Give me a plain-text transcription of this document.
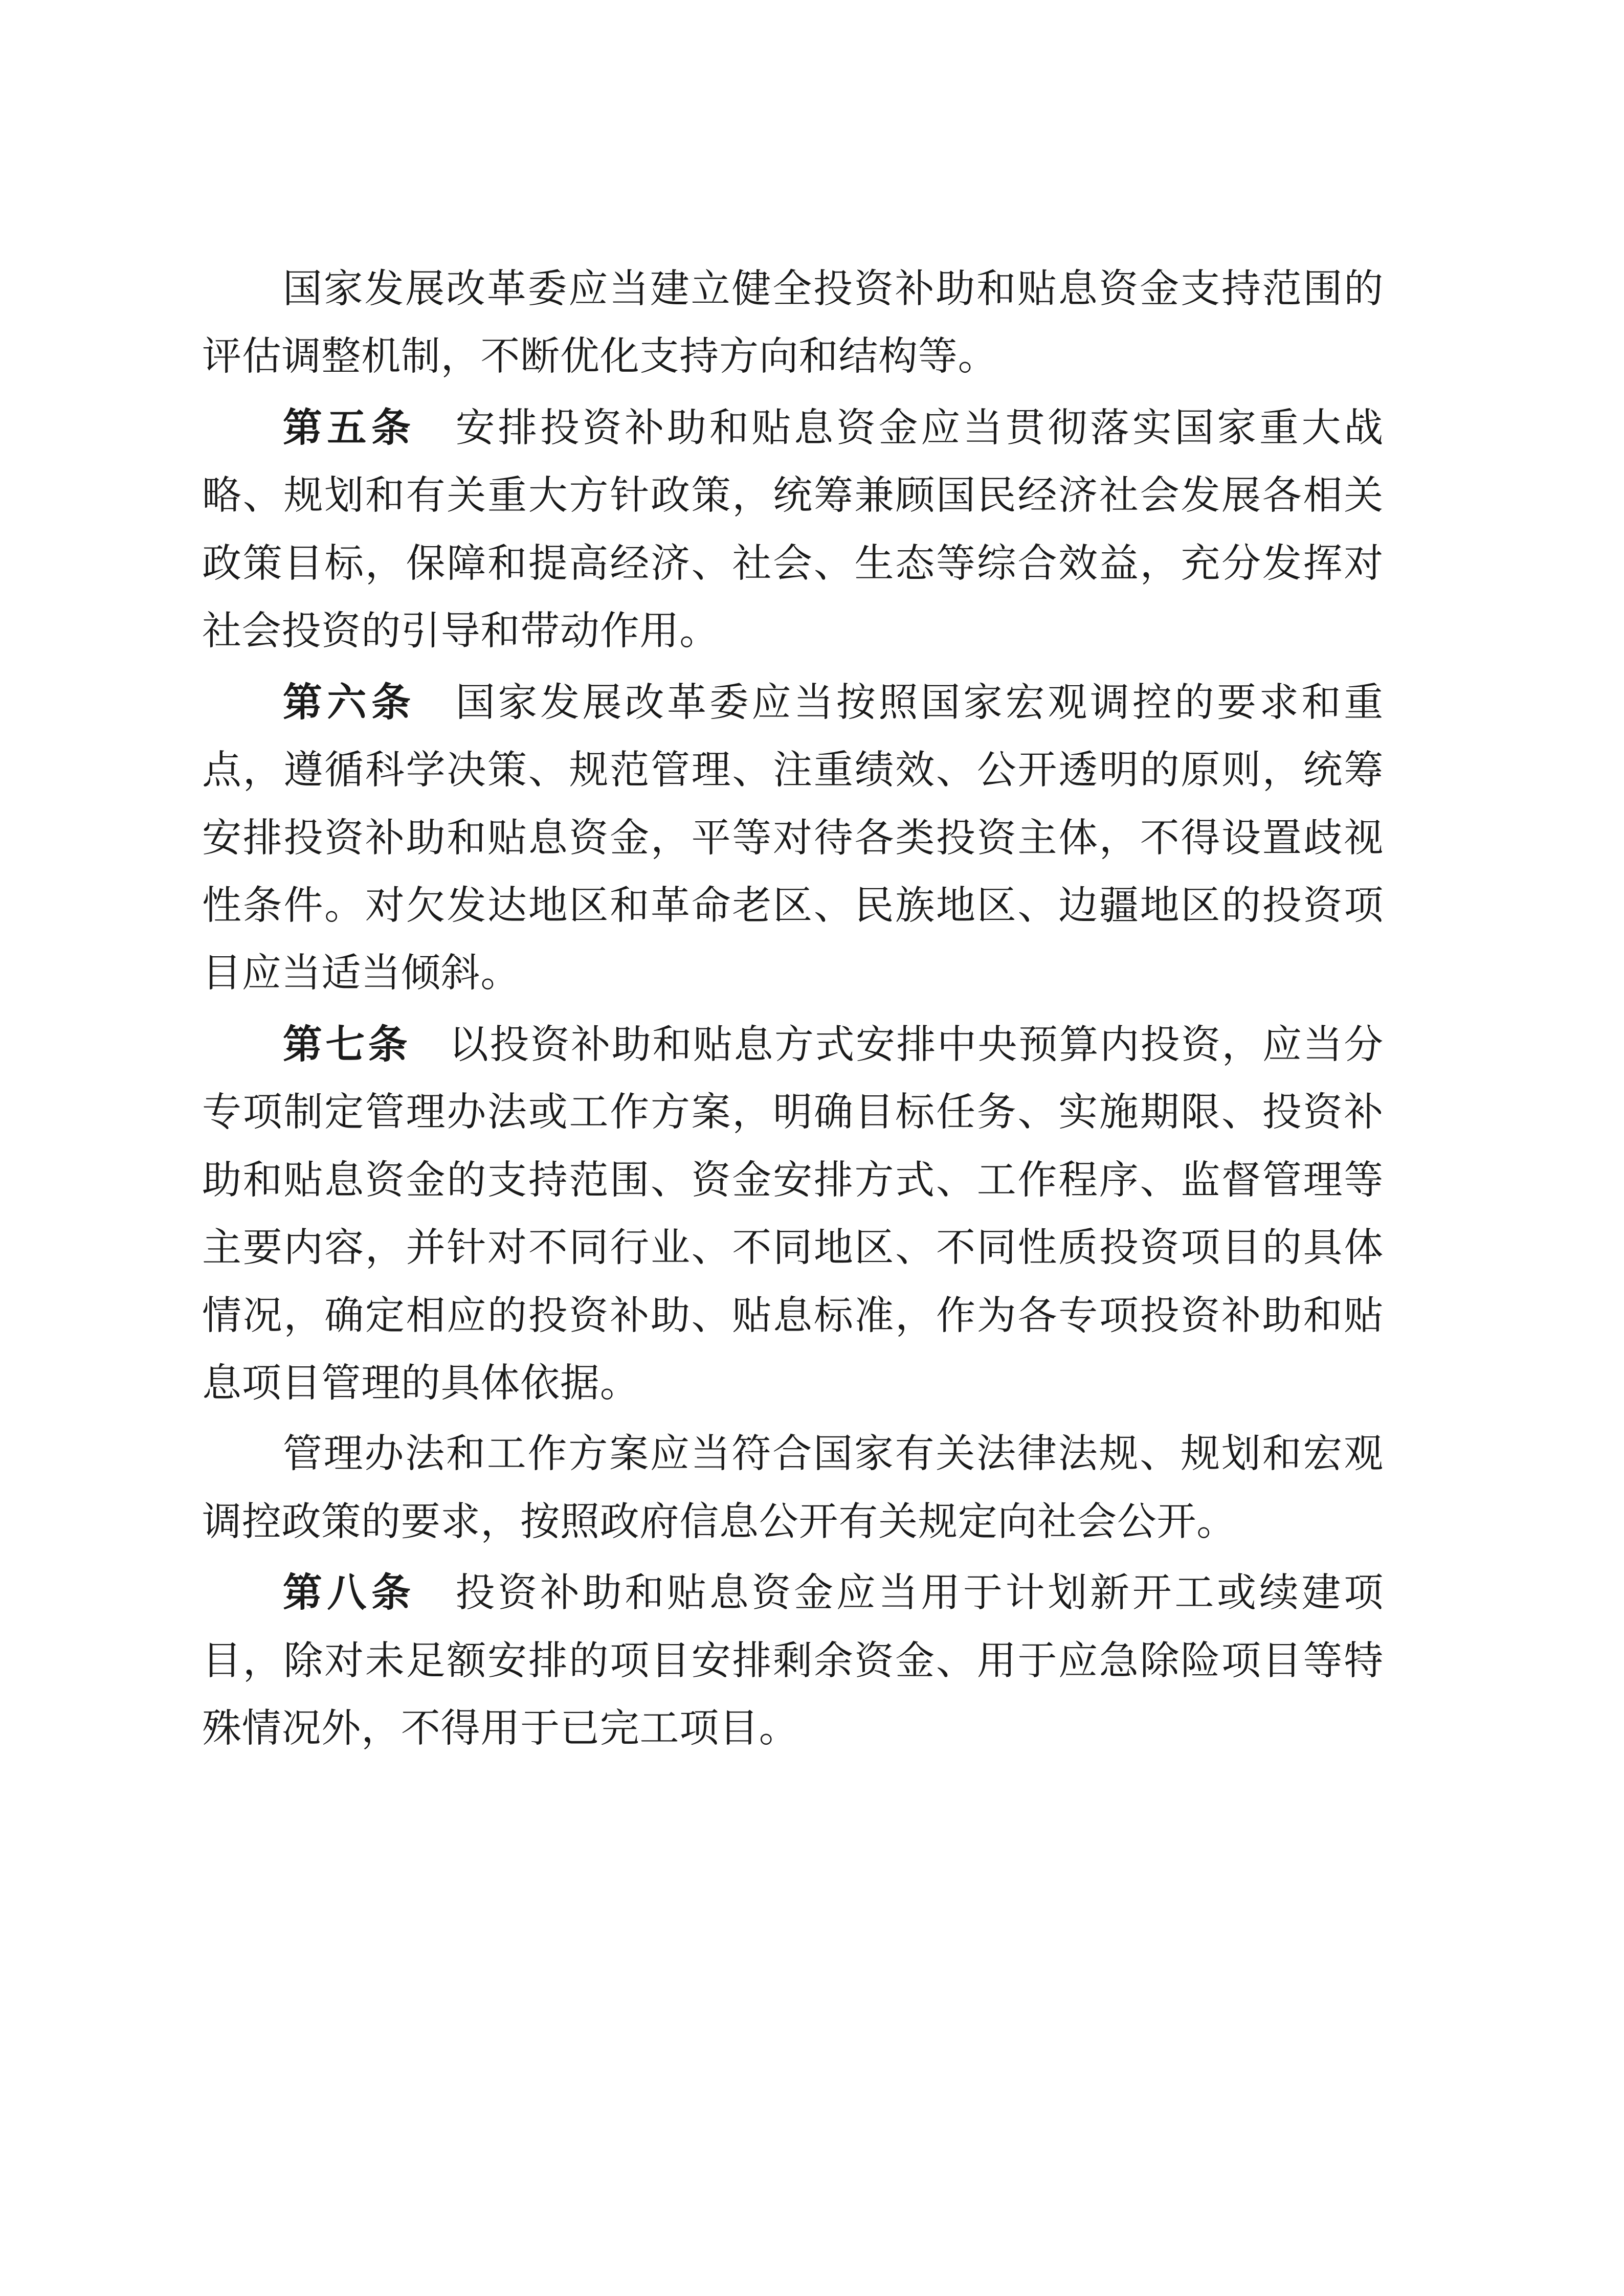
国家发展改革委应当建立健全投资补助和贴息资金支持范围的评估调整机制，不断优化支持方向和结构等。

第五条 安排投资补助和贴息资金应当贯彻落实国家重大战略、规划和有关重大方针政策，统筹兼顾国民经济社会发展各相关政策目标，保障和提高经济、社会、生态等综合效益，充分发挥对社会投资的引导和带动作用。

第六条 国家发展改革委应当按照国家宏观调控的要求和重点，遵循科学决策、规范管理、注重绩效、公开透明的原则，统筹安排投资补助和贴息资金，平等对待各类投资主体，不得设置歧视性条件。对欠发达地区和革命老区、民族地区、边疆地区的投资项目应当适当倾斜。

第七条 以投资补助和贴息方式安排中央预算内投资，应当分专项制定管理办法或工作方案，明确目标任务、实施期限、投资补助和贴息资金的支持范围、资金安排方式、工作程序、监督管理等主要内容，并针对不同行业、不同地区、不同性质投资项目的具体情况，确定相应的投资补助、贴息标准，作为各专项投资补助和贴息项目管理的具体依据。

管理办法和工作方案应当符合国家有关法律法规、规划和宏观调控政策的要求，按照政府信息公开有关规定向社会公开。

第八条 投资补助和贴息资金应当用于计划新开工或续建项目，除对未足额安排的项目安排剩余资金、用于应急除险项目等特殊情况外，不得用于已完工项目。
